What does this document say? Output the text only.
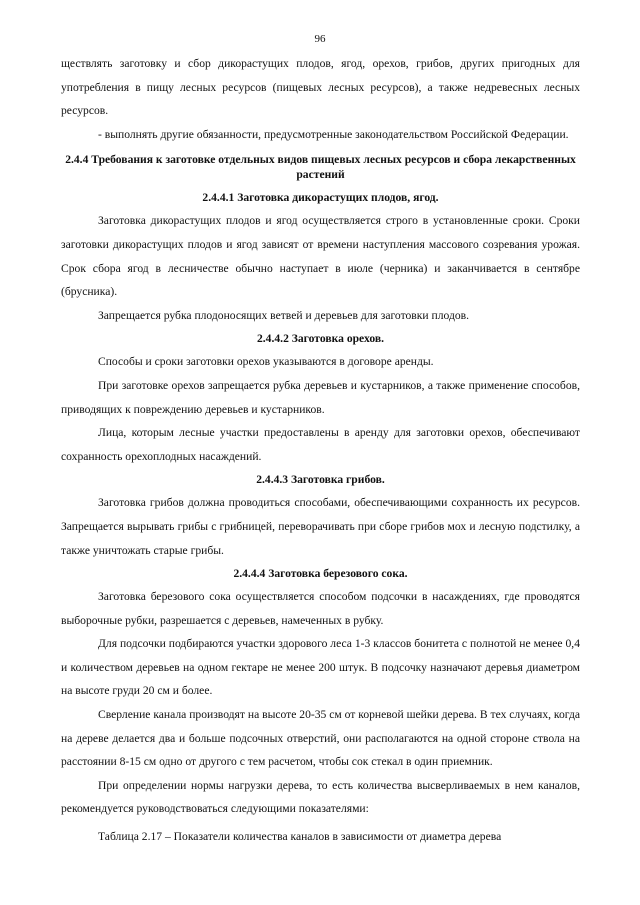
96

ществлять заготовку и сбор дикорастущих плодов, ягод, орехов, грибов, других пригодных для употребления в пищу лесных ресурсов (пищевых лесных ресурсов), а также недревесных лесных ресурсов.

- выполнять другие обязанности, предусмотренные законодательством Российской Федерации.

2.4.4 Требования к заготовке отдельных видов пищевых лесных ресурсов и сбора лекарственных растений
2.4.4.1 Заготовка дикорастущих плодов, ягод.

Заготовка дикорастущих плодов и ягод осуществляется строго в установленные сроки. Сроки заготовки дикорастущих плодов и ягод зависят от времени наступления массового созревания урожая. Срок сбора ягод в лесничестве обычно наступает в июле (черника) и заканчивается в сентябре (брусника).

Запрещается рубка плодоносящих ветвей и деревьев для заготовки плодов.

2.4.4.2 Заготовка орехов.

Способы и сроки заготовки орехов указываются в договоре аренды.

При заготовке орехов запрещается рубка деревьев и кустарников, а также применение способов, приводящих к повреждению деревьев и кустарников.

Лица, которым лесные участки предоставлены в аренду для заготовки орехов, обеспечивают сохранность орехоплодных насаждений.

2.4.4.3 Заготовка грибов.

Заготовка грибов должна проводиться способами, обеспечивающими сохранность их ресурсов. Запрещается вырывать грибы с грибницей, переворачивать при сборе грибов мох и лесную подстилку, а также уничтожать старые грибы.

2.4.4.4 Заготовка березового сока.

Заготовка березового сока осуществляется способом подсочки в насаждениях, где проводятся выборочные рубки, разрешается с деревьев, намеченных в рубку.

Для подсочки подбираются участки здорового леса 1-3 классов бонитета с полнотой не менее 0,4 и количеством деревьев на одном гектаре не менее 200 штук. В подсочку назначают деревья диаметром на высоте груди 20 см и более.

Сверление канала производят на высоте 20-35 см от корневой шейки дерева. В тех случаях, когда на дереве делается два и больше подсочных отверстий, они располагаются на одной стороне ствола на расстоянии 8-15 см одно от другого с тем расчетом, чтобы сок стекал в один приемник.

При определении нормы нагрузки дерева, то есть количества высверливаемых в нем каналов, рекомендуется руководствоваться следующими показателями:

Таблица 2.17 – Показатели количества каналов в зависимости от диаметра дерева
